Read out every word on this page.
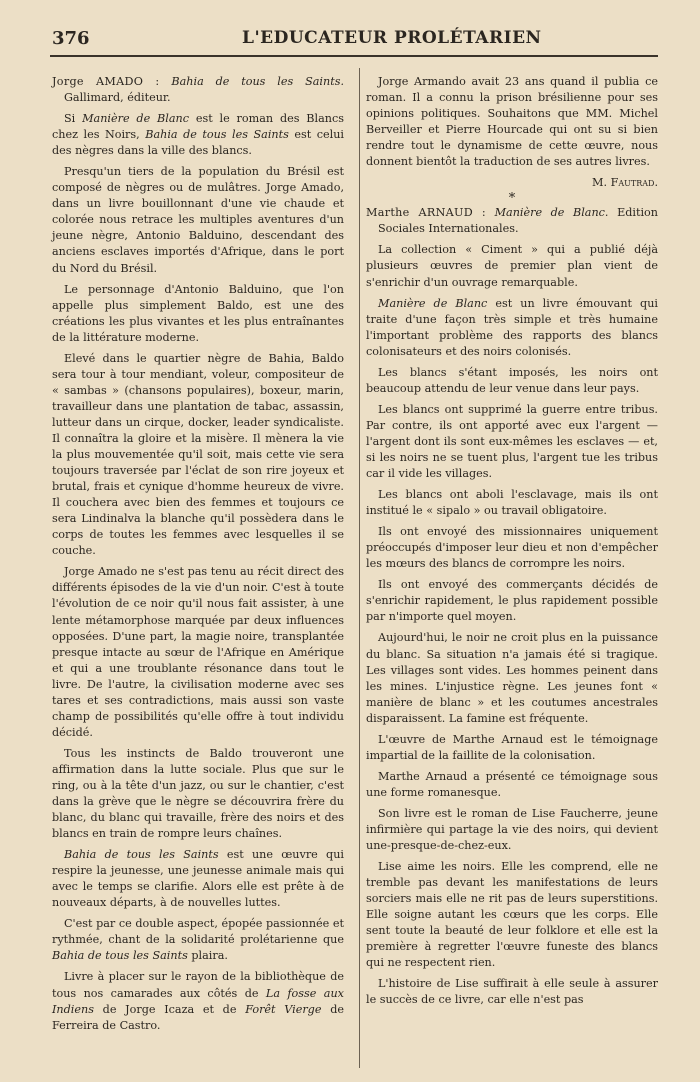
376	L'EDUCATEUR PROLÉTARIEN

Jorge AMADO : Bahia de tous les Saints. Gallimard, éditeur.

Si Manière de Blanc est le roman des Blancs chez les Noirs, Bahia de tous les Saints est celui des nègres dans la ville des blancs.

Presqu'un tiers de la population du Brésil est composé de nègres ou de mulâtres. Jorge Amado, dans un livre bouillonnant d'une vie chaude et colorée nous retrace les multiples aventures d'un jeune nègre, Antonio Balduino, descendant des anciens esclaves importés d'Afrique, dans le port du Nord du Brésil.

Le personnage d'Antonio Balduino, que l'on appelle plus simplement Baldo, est une des créations les plus vivantes et les plus entraînantes de la littérature moderne.

Elevé dans le quartier nègre de Bahia, Baldo sera tour à tour mendiant, voleur, compositeur de « sambas » (chansons populaires), boxeur, marin, travailleur dans une plantation de tabac, assassin, lutteur dans un cirque, docker, leader syndicaliste. Il connaîtra la gloire et la misère. Il mènera la vie la plus mouvementée qu'il soit, mais cette vie sera toujours traversée par l'éclat de son rire joyeux et brutal, frais et cynique d'homme heureux de vivre. Il couchera avec bien des femmes et toujours ce sera Lindinalva la blanche qu'il possèdera dans le corps de toutes les femmes avec lesquelles il se couche.

Jorge Amado ne s'est pas tenu au récit direct des différents épisodes de la vie d'un noir. C'est à toute l'évolution de ce noir qu'il nous fait assister, à une lente métamorphose marquée par deux influences opposées. D'une part, la magie noire, transplantée presque intacte au sœur de l'Afrique en Amérique et qui a une troublante résonance dans tout le livre. De l'autre, la civilisation moderne avec ses tares et ses contradictions, mais aussi son vaste champ de possibilités qu'elle offre à tout individu décidé.

Tous les instincts de Baldo trouveront une affirmation dans la lutte sociale. Plus que sur le ring, ou à la tête d'un jazz, ou sur le chantier, c'est dans la grève que le nègre se découvrira frère du blanc, du blanc qui travaille, frère des noirs et des blancs en train de rompre leurs chaînes.

Bahia de tous les Saints est une œuvre qui respire la jeunesse, une jeunesse animale mais qui avec le temps se clarifie. Alors elle est prête à de nouveaux départs, à de nouvelles luttes.

C'est par ce double aspect, épopée passionnée et rythmée, chant de la solidarité prolétarienne que Bahia de tous les Saints plaira.

Livre à placer sur le rayon de la bibliothèque de tous nos camarades aux côtés de La fosse aux Indiens de Jorge Icaza et de Forêt Vierge de Ferreira de Castro.

Jorge Armando avait 23 ans quand il publia ce roman. Il a connu la prison brésilienne pour ses opinions politiques. Souhaitons que MM. Michel Berveiller et Pierre Hourcade qui ont su si bien rendre tout le dynamisme de cette œuvre, nous donnent bientôt la traduction de ses autres livres.

M. Fautrad.

*

Marthe ARNAUD : Manière de Blanc. Edition Sociales Internationales.

La collection « Ciment » qui a publié déjà plusieurs œuvres de premier plan vient de s'enrichir d'un ouvrage remarquable.

Manière de Blanc est un livre émouvant qui traite d'une façon très simple et très humaine l'important problème des rapports des blancs colonisateurs et des noirs colonisés.

Les blancs s'étant imposés, les noirs ont beaucoup attendu de leur venue dans leur pays.

Les blancs ont supprimé la guerre entre tribus. Par contre, ils ont apporté avec eux l'argent — l'argent dont ils sont eux-mêmes les esclaves — et, si les noirs ne se tuent plus, l'argent tue les tribus car il vide les villages.

Les blancs ont aboli l'esclavage, mais ils ont institué le « sipalo » ou travail obligatoire.

Ils ont envoyé des missionnaires uniquement préoccupés d'imposer leur dieu et non d'empêcher les mœurs des blancs de corrompre les noirs.

Ils ont envoyé des commerçants décidés de s'enrichir rapidement, le plus rapidement possible par n'importe quel moyen.

Aujourd'hui, le noir ne croit plus en la puissance du blanc. Sa situation n'a jamais été si tragique. Les villages sont vides. Les hommes peinent dans les mines. L'injustice règne. Les jeunes font « manière de blanc » et les coutumes ancestrales disparaissent. La famine est fréquente.

L'œuvre de Marthe Arnaud est le témoignage impartial de la faillite de la colonisation.

Marthe Arnaud a présenté ce témoignage sous une forme romanesque.

Son livre est le roman de Lise Faucherre, jeune infirmière qui partage la vie des noirs, qui devient une-presque-de-chez-eux.

Lise aime les noirs. Elle les comprend, elle ne tremble pas devant les manifestations de leurs sorciers mais elle ne rit pas de leurs superstitions. Elle soigne autant les cœurs que les corps. Elle sent toute la beauté de leur folklore et elle est la première à regretter l'œuvre funeste des blancs qui ne respectent rien.

L'histoire de Lise suffirait à elle seule à assurer le succès de ce livre, car elle n'est pas
